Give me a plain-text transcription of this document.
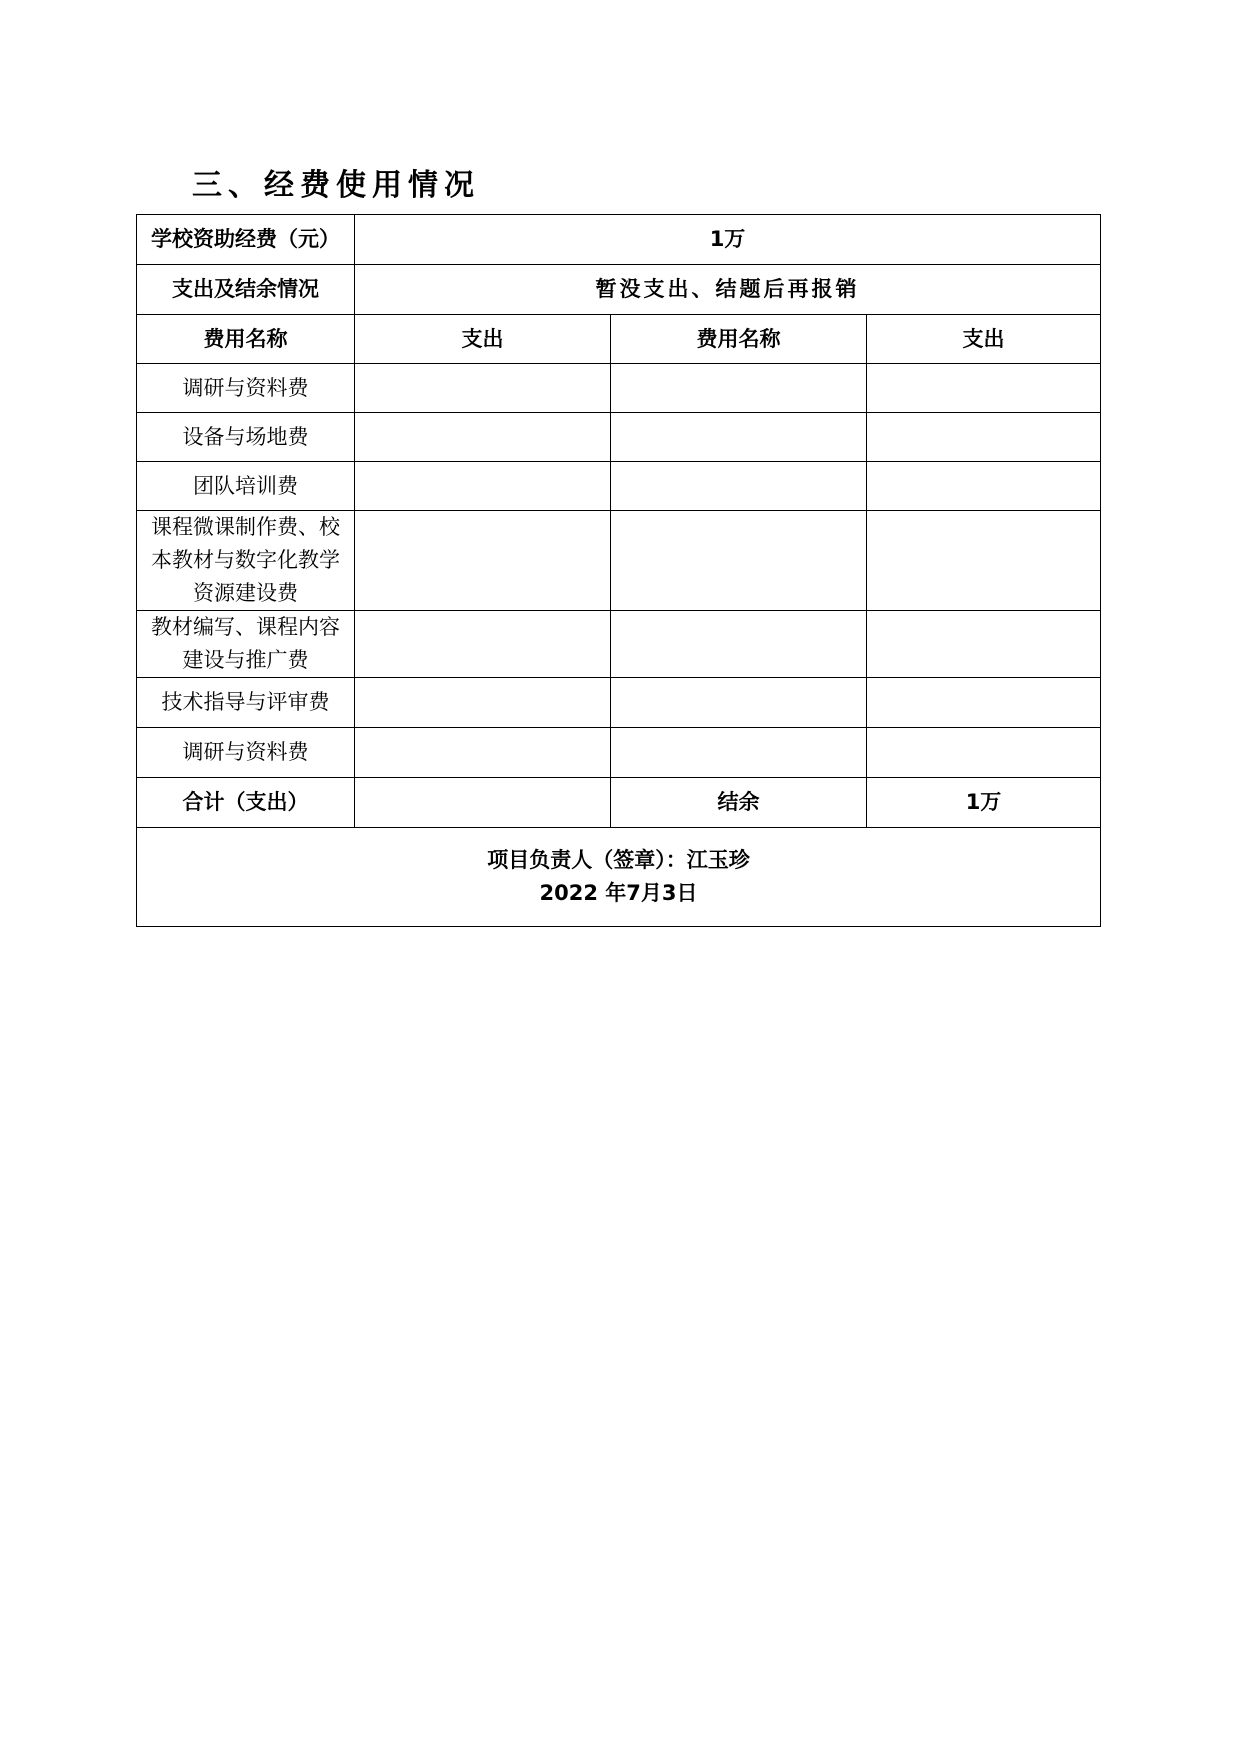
三、经费使用情况
学校资助经费（元）	1万		
支出及结余情况	暂没支出、结题后再报销		
费用名称	支出	费用名称	支出
调研与资料费			
设备与场地费			
团队培训费			
课程微课制作费、校本教材与数字化教学资源建设费			
教材编写、课程内容建设与推广费			
技术指导与评审费			
调研与资料费			
合计（支出）		结余	1万

项目负责人（签章）：江玉珍
2022 年7月3日			
